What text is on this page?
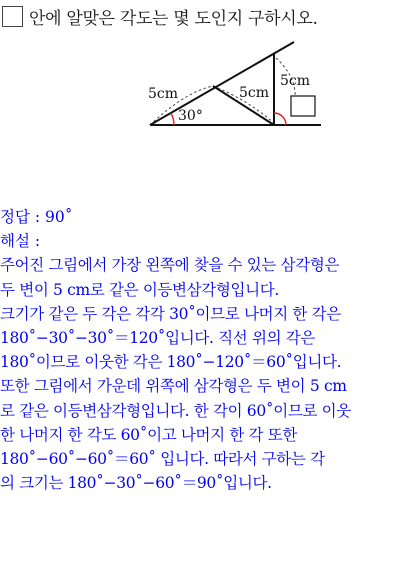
안에 알맞은 각도는 몇 도인지 구하시오.
5cm	5cm
5cm
30°
정답 : 90˚
해설 :
주어진 그림에서 가장 왼쪽에 찾을 수 있는 삼각형은
두 변이 5 cm로 같은 이등변삼각형입니다.
크기가 같은 두 각은 각각 30˚이므로 나머지 한 각은
180˚−30˚−30˚＝120˚입니다. 직선 위의 각은
180˚이므로 이웃한 각은 180˚−120˚＝60˚입니다.
또한 그림에서 가운데 위쪽에 삼각형은 두 변이 5 cm
로 같은 이등변삼각형입니다. 한 각이 60˚이므로 이웃
한 나머지 한 각도 60˚이고 나머지 한 각 또한
180˚−60˚−60˚＝60˚ 입니다. 따라서 구하는 각
의 크기는 180˚−30˚−60˚＝90˚입니다.
